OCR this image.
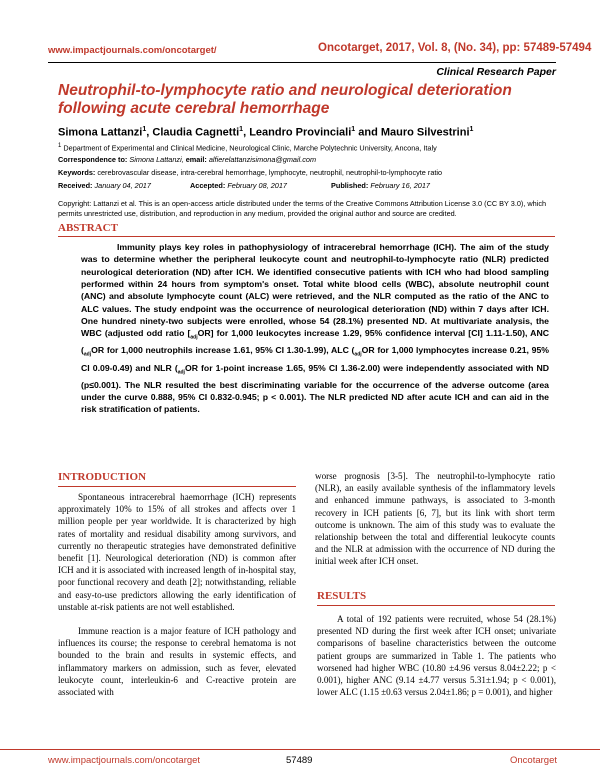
www.impactjournals.com/oncotarget/	Oncotarget, 2017, Vol. 8, (No. 34), pp: 57489-57494
Clinical Research Paper
Neutrophil-to-lymphocyte ratio and neurological deterioration following acute cerebral hemorrhage
Simona Lattanzi$^1$, Claudia Cagnetti$^1$, Leandro Provinciali$^1$ and Mauro Silvestrini$^1$
$^1$ Department of Experimental and Clinical Medicine, Neurological Clinic, Marche Polytechnic University, Ancona, Italy
Correspondence to: Simona Lattanzi, email: alfierelattanzisimona@gmail.com
Keywords: cerebrovascular disease, intra-cerebral hemorrhage, lymphocyte, neutrophil, neutrophil-to-lymphocyte ratio
Received: January 04, 2017	Accepted: February 08, 2017	Published: February 16, 2017
Copyright: Lattanzi et al. This is an open-access article distributed under the terms of the Creative Commons Attribution License 3.0 (CC BY 3.0), which permits unrestricted use, distribution, and reproduction in any medium, provided the original author and source are credited.
ABSTRACT

Immunity plays key roles in pathophysiology of intracerebral hemorrhage (ICH). The aim of the study was to determine whether the peripheral leukocyte count and neutrophil-to-lymphocyte ratio (NLR) predicted neurological deterioration (ND) after ICH. We identified consecutive patients with ICH who had blood sampling performed within 24 hours from symptom's onset. Total white blood cells (WBC), absolute neutrophil count (ANC) and absolute lymphocyte count (ALC) were retrieved, and the NLR computed as the ratio of the ANC to ALC values. The study endpoint was the occurrence of neurological deterioration (ND) within 7 days after ICH. One hundred ninety-two subjects were enrolled, whose 54 (28.1%) presented ND. At multivariate analysis, the WBC (adjusted odd ratio $[_{adj}OR]$ for 1,000 leukocytes increase 1.29, 95% confidence interval [CI] 1.11-1.50), ANC ($_{adj}OR$ for 1,000 neutrophils increase 1.61, 95% CI 1.30-1.99), ALC ($_{adj}OR$ for 1,000 lymphocytes increase 0.21, 95% CI 0.09-0.49) and NLR ($_{adj}OR$ for 1-point increase 1.65, 95% CI 1.36-2.00) were independently associated with ND (p≤0.001). The NLR resulted the best discriminating variable for the occurrence of the adverse outcome (area under the curve 0.888, 95% CI 0.832-0.945; p < 0.001). The NLR predicted ND after acute ICH and can aid in the risk stratification of patients.

INTRODUCTION

Spontaneous intracerebral haemorrhage (ICH) represents approximately 10% to 15% of all strokes and affects over 1 million people per year worldwide. It is characterized by high rates of mortality and residual disability among survivors, and currently no therapeutic strategies have demonstrated definitive benefit [1]. Neurological deterioration (ND) is common after ICH and it is associated with increased length of in-hospital stay, poor functional recovery and death [2]; notwithstanding, reliable and easy-to-use predictors allowing the early identification of unstable at-risk patients are not well established.

Immune reaction is a major feature of ICH pathology and influences its course; the response to cerebral hematoma is not bounded to the brain and results in systemic effects, and inflammatory markers on admission, such as fever, elevated leukocyte count, interleukin-6 and C-reactive protein are associated with

worse prognosis [3-5]. The neutrophil-to-lymphocyte ratio (NLR), an easily available synthesis of the inflammatory levels and enhanced immune pathways, is associated to 3-month recovery in ICH patients [6, 7], but its link with short term outcome is unknown. The aim of this study was to evaluate the relationship between the total and differential leukocyte counts and the NLR at admission with the occurrence of ND during the initial week after ICH onset.

RESULTS

A total of 192 patients were recruited, whose 54 (28.1%) presented ND during the first week after ICH onset; univariate comparisons of baseline characteristics between the outcome patient groups are summarized in Table 1. The patients who worsened had higher WBC (10.80 ±4.96 versus 8.04±2.22; p < 0.001), higher ANC (9.14 ±4.77 versus 5.31±1.94; p < 0.001), lower ALC (1.15 ±0.63 versus 2.04±1.86; p = 0.001), and higher

www.impactjournals.com/oncotarget	57489	Oncotarget
